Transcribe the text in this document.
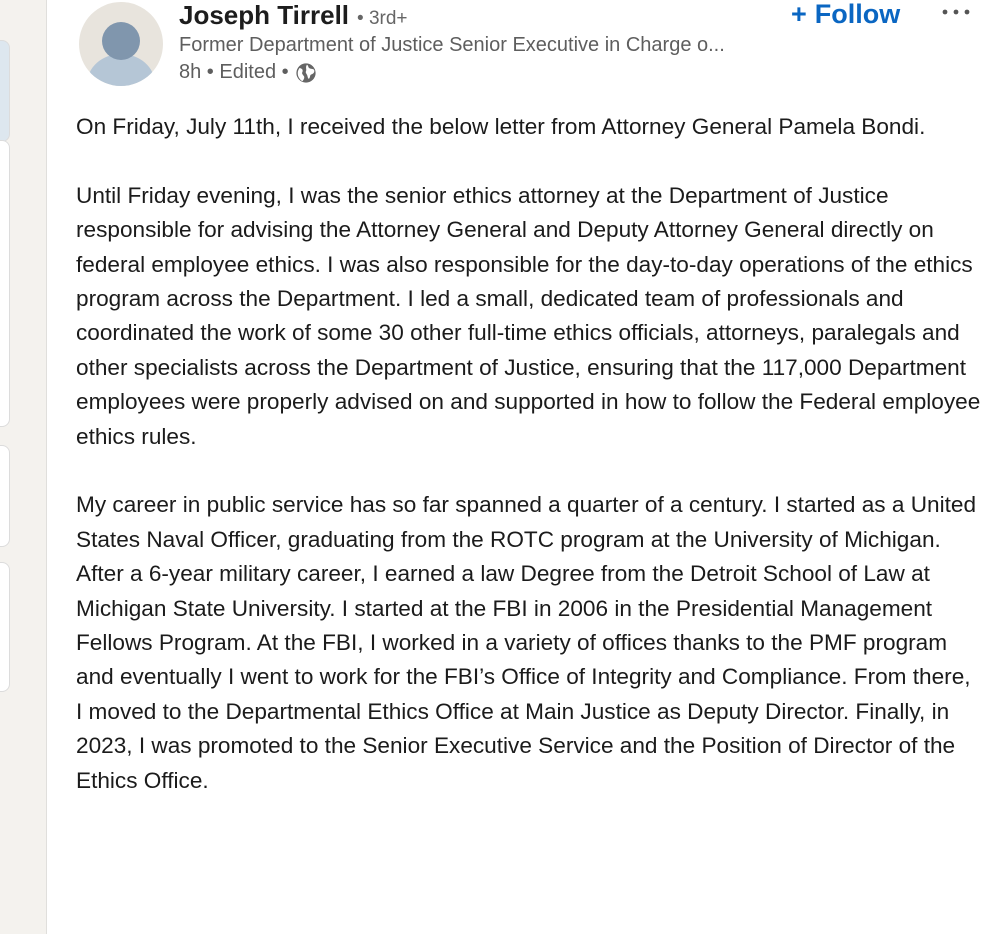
Joseph Tirrell • 3rd+
Former Department of Justice Senior Executive in Charge o...
8h • Edited •
+ Follow

On Friday, July 11th, I received the below letter from Attorney General Pamela Bondi.

Until Friday evening, I was the senior ethics attorney at the Department of Justice responsible for advising the Attorney General and Deputy Attorney General directly on federal employee ethics. I was also responsible for the day-to-day operations of the ethics program across the Department. I led a small, dedicated team of professionals and coordinated the work of some 30 other full-time ethics officials, attorneys, paralegals and other specialists across the Department of Justice, ensuring that the 117,000 Department employees were properly advised on and supported in how to follow the Federal employee ethics rules.

My career in public service has so far spanned a quarter of a century. I started as a United States Naval Officer, graduating from the ROTC program at the University of Michigan. After a 6-year military career, I earned a law Degree from the Detroit School of Law at Michigan State University. I started at the FBI in 2006 in the Presidential Management Fellows Program. At the FBI, I worked in a variety of offices thanks to the PMF program and eventually I went to work for the FBI’s Office of Integrity and Compliance. From there, I moved to the Departmental Ethics Office at Main Justice as Deputy Director. Finally, in 2023, I was promoted to the Senior Executive Service and the Position of Director of the Ethics Office.
